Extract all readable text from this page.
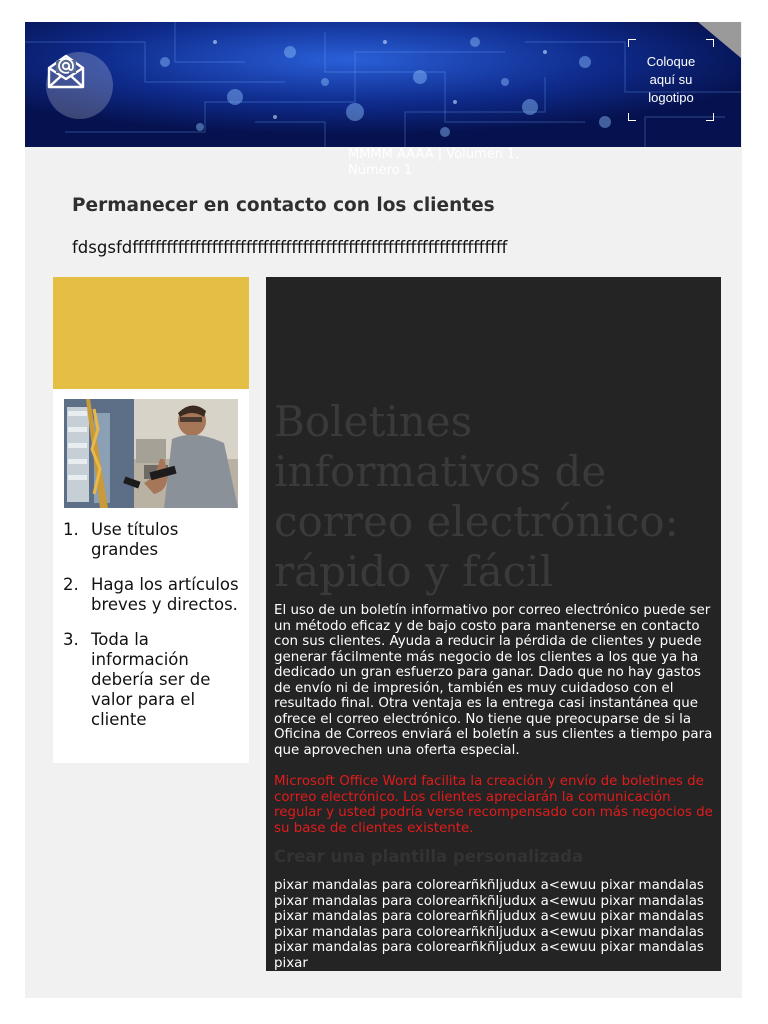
Coloque aquí su logotipo
MMMM AAAA | Volumen 1, Número 1
Permanecer en contacto con los clientes
fdsgsfdffffffffffffffffffffffffffffffffffffffffffffffffffffffffffffffffff
1. Use títulos grandes
2. Haga los artículos breves y directos.
3. Toda la información debería ser de valor para el cliente
Boletines informativos de correo electrónico: rápido y fácil
El uso de un boletín informativo por correo electrónico puede ser un método eficaz y de bajo costo para mantenerse en contacto con sus clientes. Ayuda a reducir la pérdida de clientes y puede generar fácilmente más negocio de los clientes a los que ya ha dedicado un gran esfuerzo para ganar. Dado que no hay gastos de envío ni de impresión, también es muy cuidadoso con el resultado final. Otra ventaja es la entrega casi instantánea que ofrece el correo electrónico. No tiene que preocuparse de si la Oficina de Correos enviará el boletín a sus clientes a tiempo para que aprovechen una oferta especial.
Microsoft Office Word facilita la creación y envío de boletines de correo electrónico. Los clientes apreciarán la comunicación regular y usted podría verse recompensado con más negocios de su base de clientes existente.
Crear una plantilla personalizada
pixar mandalas para colorearñkñljudux a<ewuu pixar mandalaspixar mandalas para colorearñkñljudux a<ewuu pixar mandalaspixar mandalas para colorearñkñljudux a<ewuu pixar mandalaspixar mandalas para colorearñkñljudux a<ewuu pixar mandalaspixar mandalas para colorearñkñljudux a<ewuu pixar mandalaspixar
